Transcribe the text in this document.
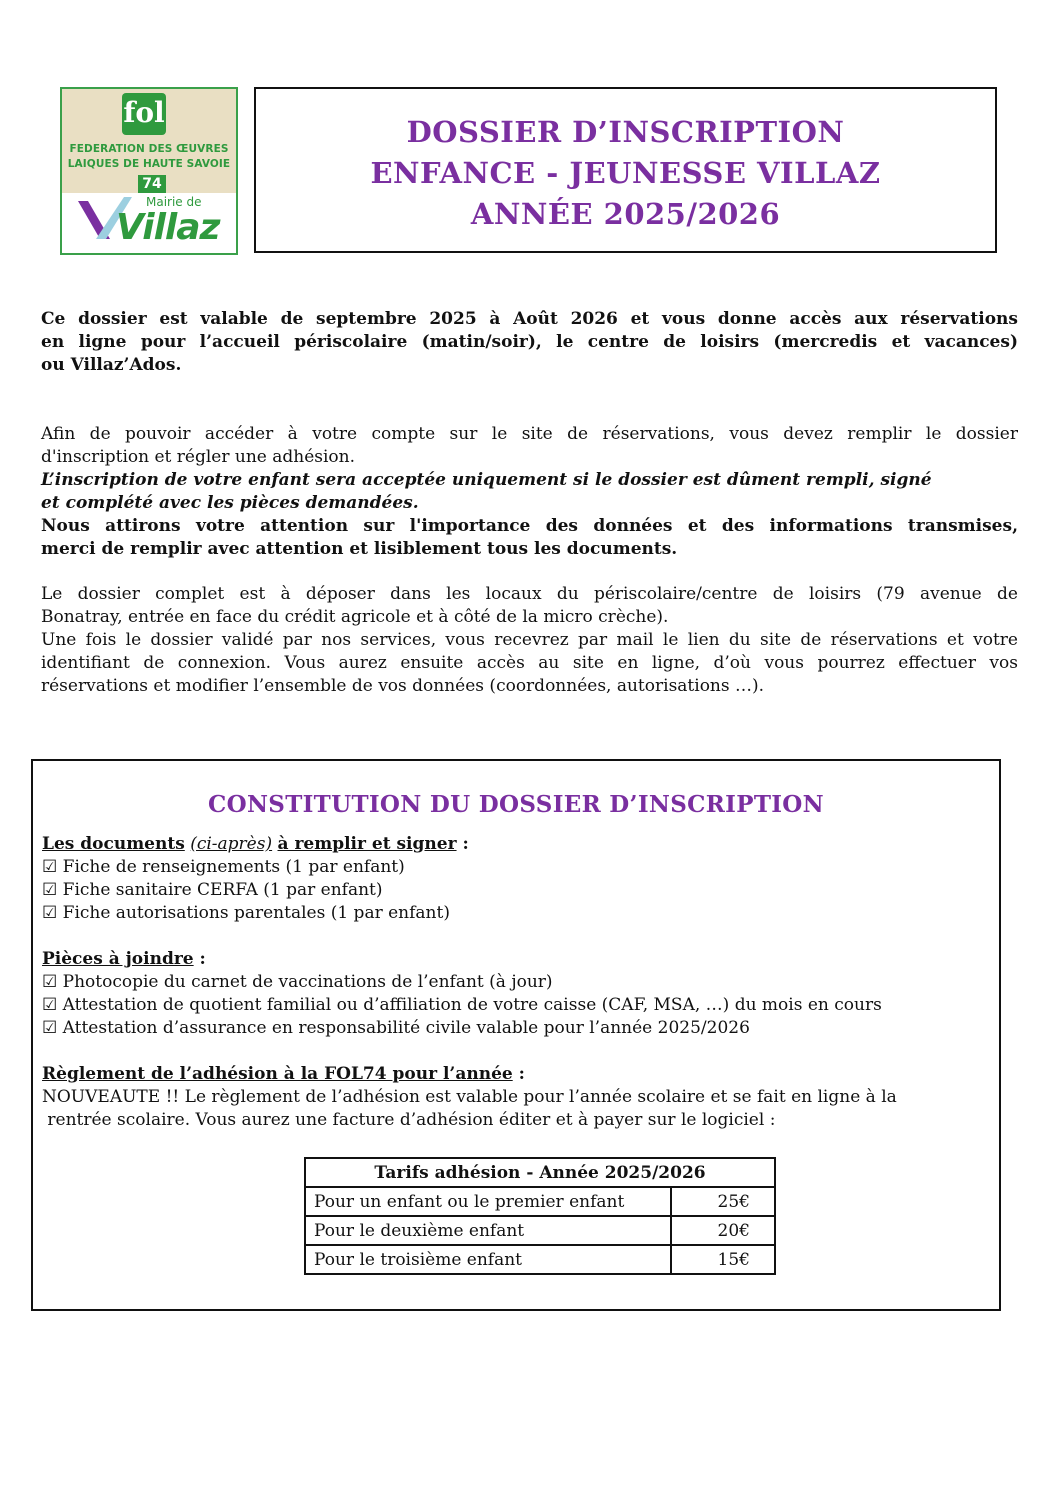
fol
FEDERATION DES ŒUVRES
LAIQUES DE HAUTE SAVOIE
74
Mairie de
Villaz
DOSSIER D’INSCRIPTION
ENFANCE - JEUNESSE VILLAZ
ANNÉE 2025/2026
Ce dossier est valable de septembre 2025 à Août 2026 et vous donne accès aux réservations
en ligne pour l’accueil périscolaire (matin/soir), le centre de loisirs (mercredis et vacances)
ou Villaz’Ados.
Afin de pouvoir accéder à votre compte sur le site de réservations, vous devez remplir le dossier
d'inscription et régler une adhésion.
L’inscription de votre enfant sera acceptée uniquement si le dossier est dûment rempli, signé
et complété avec les pièces demandées.
Nous attirons votre attention sur l'importance des données et des informations transmises,
merci de remplir avec attention et lisiblement tous les documents.
Le dossier complet est à déposer dans les locaux du périscolaire/centre de loisirs (79 avenue de
Bonatray, entrée en face du crédit agricole et à côté de la micro crèche).
Une fois le dossier validé par nos services, vous recevrez par mail le lien du site de réservations et votre
identifiant de connexion. Vous aurez ensuite accès au site en ligne, d’où vous pourrez effectuer vos
réservations et modifier l’ensemble de vos données (coordonnées, autorisations …).
CONSTITUTION DU DOSSIER D’INSCRIPTION
Les documents (ci-après) à remplir et signer :
☑ Fiche de renseignements (1 par enfant)
☑ Fiche sanitaire CERFA (1 par enfant)
☑ Fiche autorisations parentales (1 par enfant)
Pièces à joindre :
☑ Photocopie du carnet de vaccinations de l’enfant (à jour)
☑ Attestation de quotient familial ou d’affiliation de votre caisse (CAF, MSA, …) du mois en cours
☑ Attestation d’assurance en responsabilité civile valable pour l’année 2025/2026
Règlement de l’adhésion à la FOL74 pour l’année :
NOUVEAUTE !! Le règlement de l’adhésion est valable pour l’année scolaire et se fait en ligne à la
rentrée scolaire. Vous aurez une facture d’adhésion éditer et à payer sur le logiciel :
Tarifs adhésion - Année 2025/2026	
Pour un enfant ou le premier enfant	25€
Pour le deuxième enfant	20€
Pour le troisième enfant	15€
